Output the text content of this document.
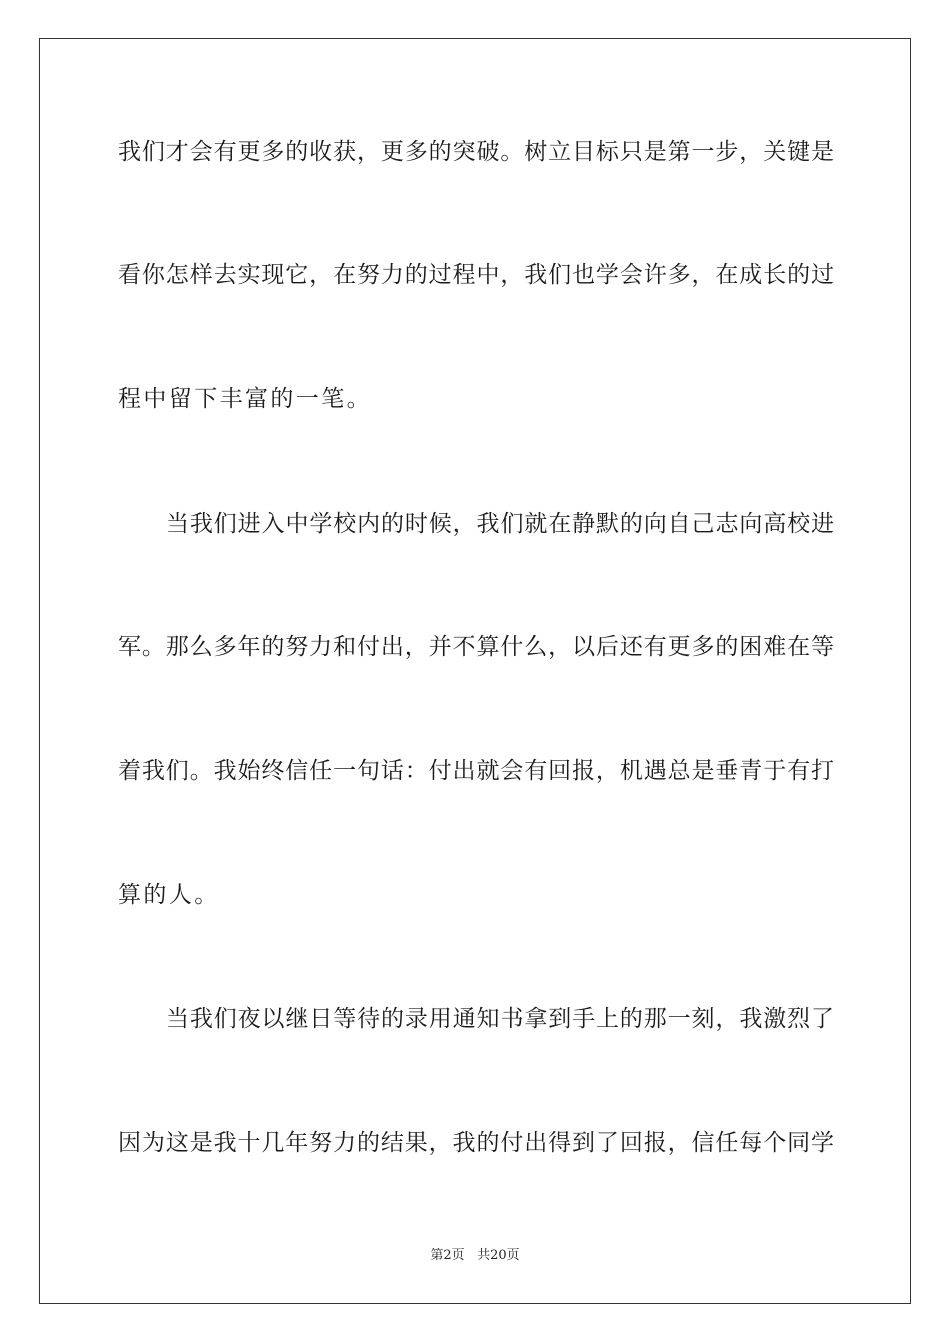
我们才会有更多的收获，更多的突破。树立目标只是第一步，关键是
看你怎样去实现它，在努力的过程中，我们也学会许多，在成长的过
程中留下丰富的一笔。
当我们进入中学校内的时候，我们就在静默的向自己志向高校进
军。那么多年的努力和付出，并不算什么，以后还有更多的困难在等
着我们。我始终信任一句话：付出就会有回报，机遇总是垂青于有打
算的人。
当我们夜以继日等待的录用通知书拿到手上的那一刻，我激烈了
因为这是我十几年努力的结果，我的付出得到了回报，信任每个同学
第2页 共20页
